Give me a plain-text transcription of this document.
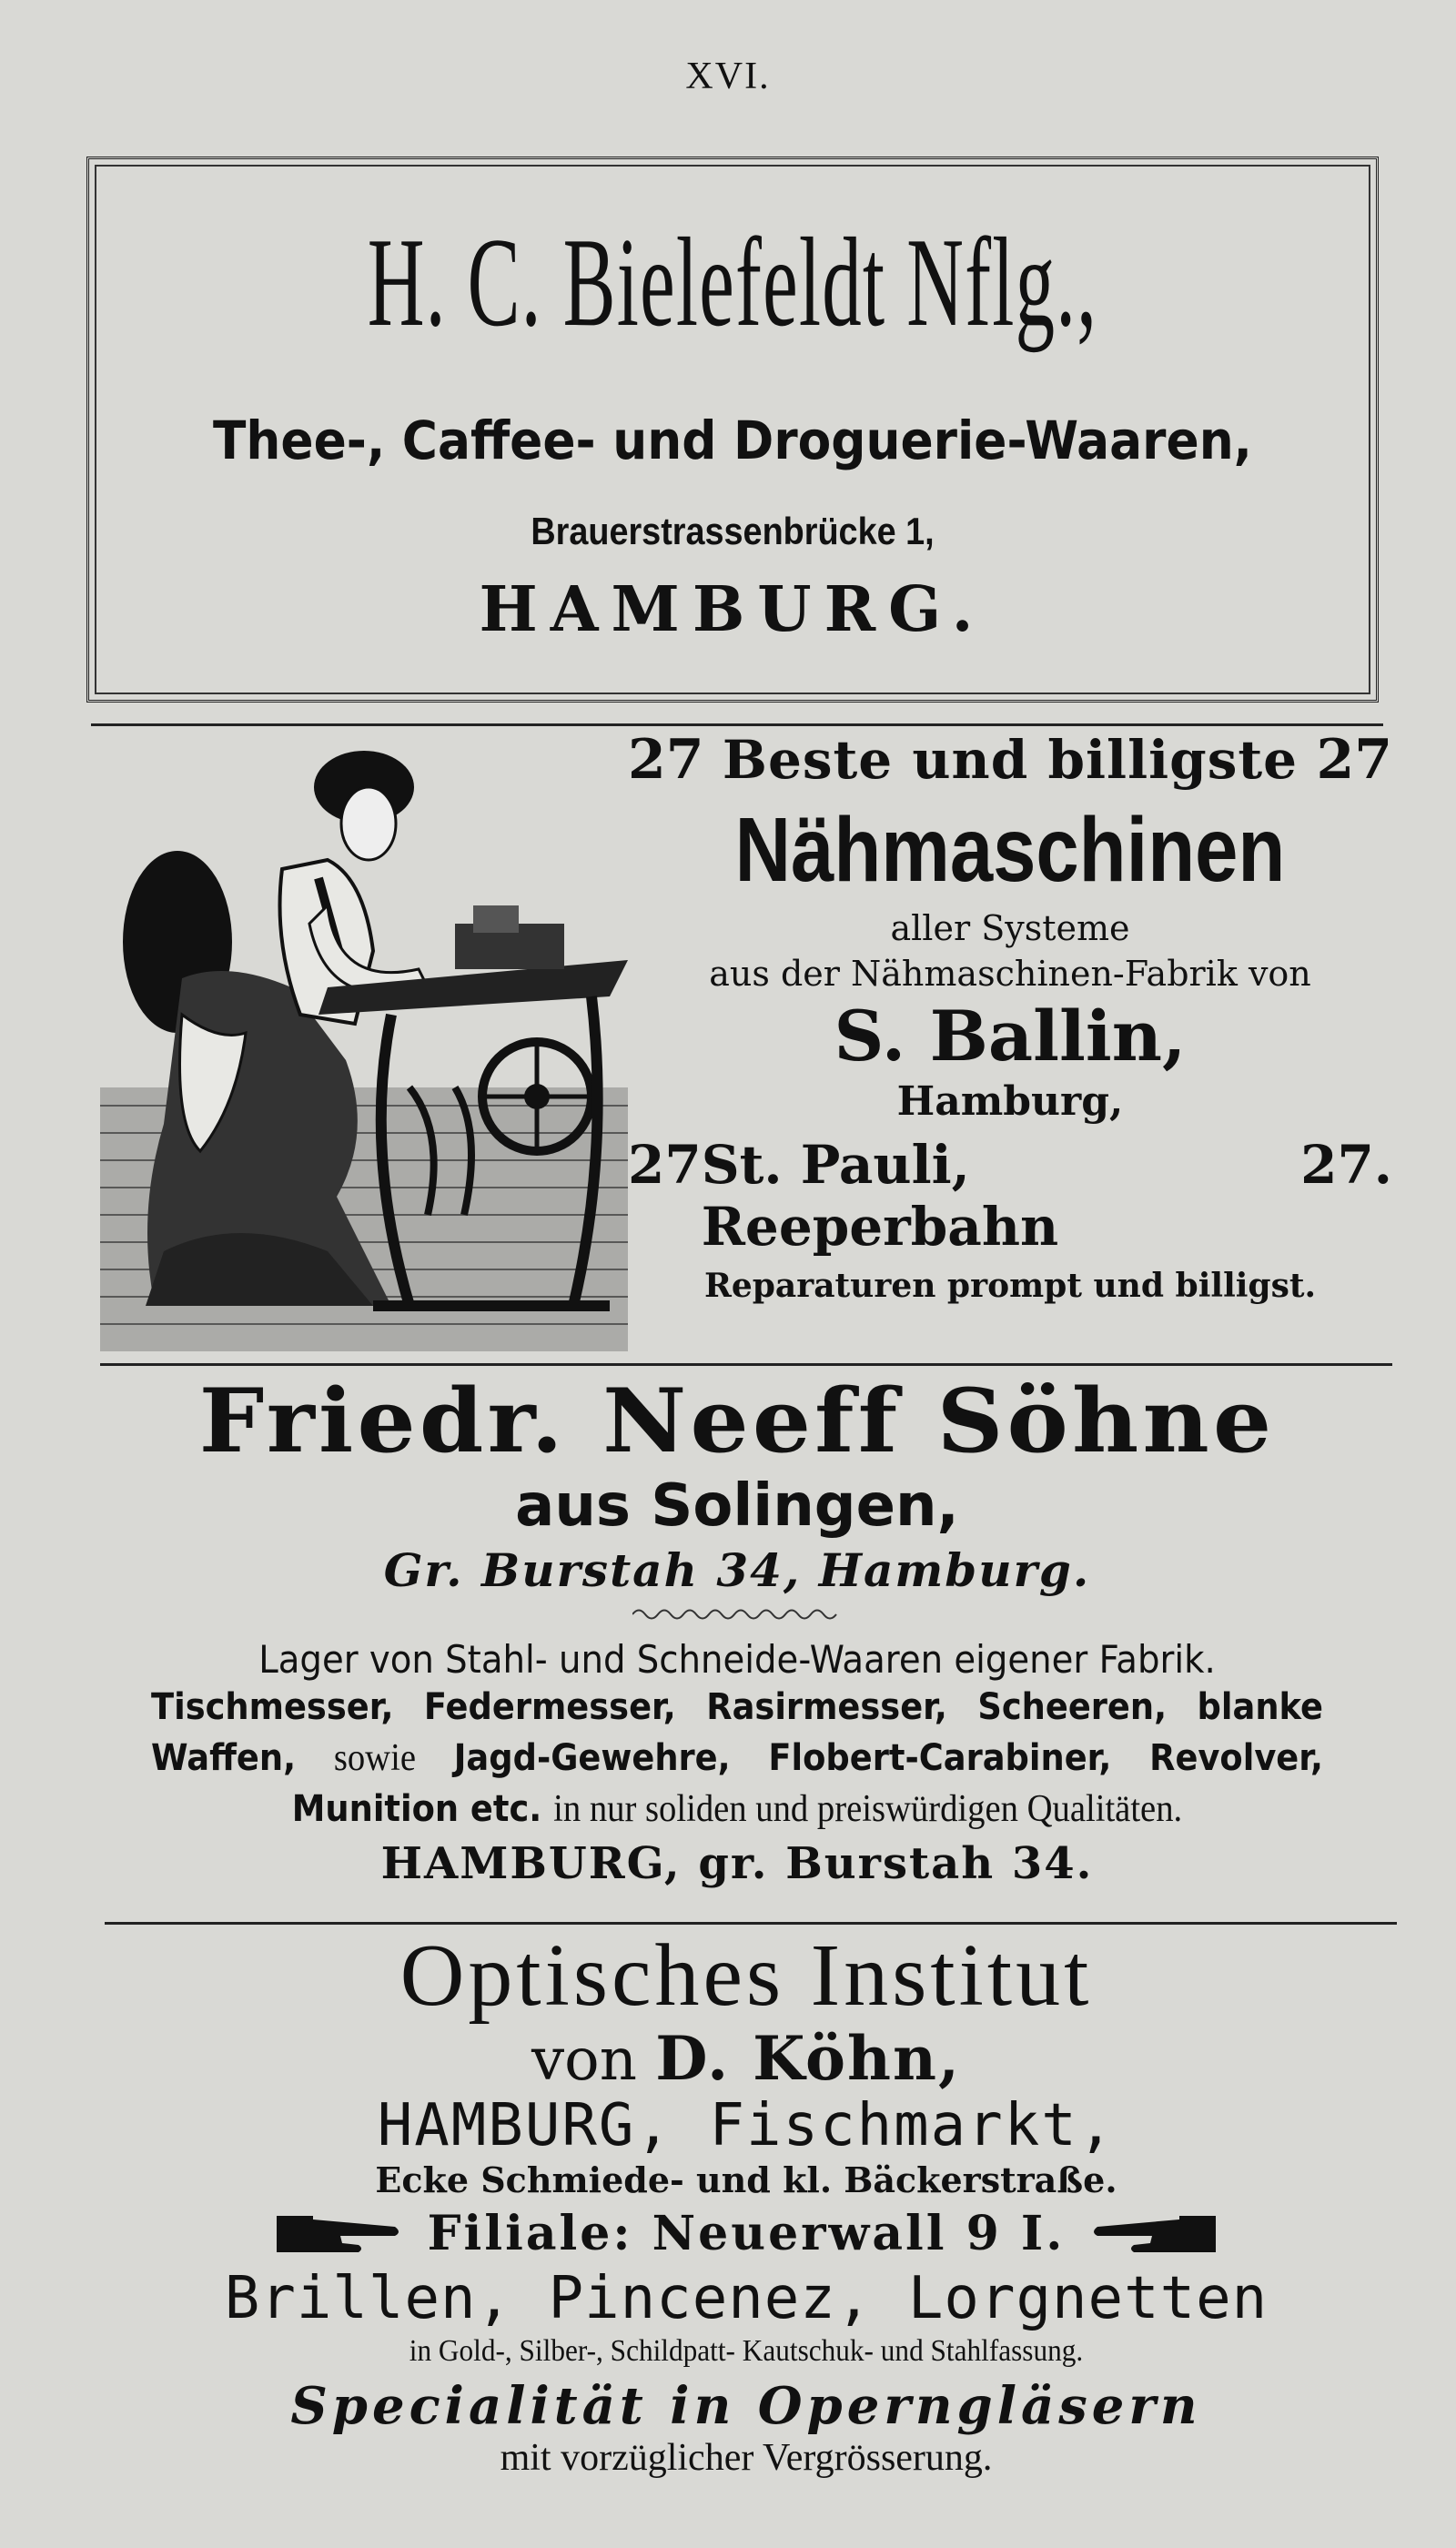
XVI.
H. C. Bielefeldt Nflg.,
Thee-, Caffee- und Droguerie-Waaren,
Brauerstrassenbrücke 1,
HAMBURG.
27 Beste und billigste 27
Nähmaschinen
aller Systeme
aus der Nähmaschinen-Fabrik von
S. Ballin,
Hamburg,
27 St. Pauli, Reeperbahn
27.
Reparaturen prompt und billigst.
Friedr. Neeff Söhne
aus Solingen,
Gr. Burstah 34, Hamburg.
Lager von Stahl- und Schneide-Waaren eigener Fabrik.
Tischmesser, Federmesser, Rasirmesser, Scheeren, blanke
Waffen, sowie Jagd-Gewehre, Flobert-Carabiner, Revolver,
Munition etc. in nur soliden und preiswürdigen Qualitäten.
HAMBURG, gr. Burstah 34.
Optisches Institut
von D. Köhn,
HAMBURG, Fischmarkt,
Ecke Schmiede- und kl. Bäckerstraße.
Filiale: Neuerwall 9 I.
Brillen, Pincenez, Lorgnetten
in Gold-, Silber-, Schildpatt- Kautschuk- und Stahlfassung.
Specialität in Operngläsern
mit vorzüglicher Vergrösserung.
